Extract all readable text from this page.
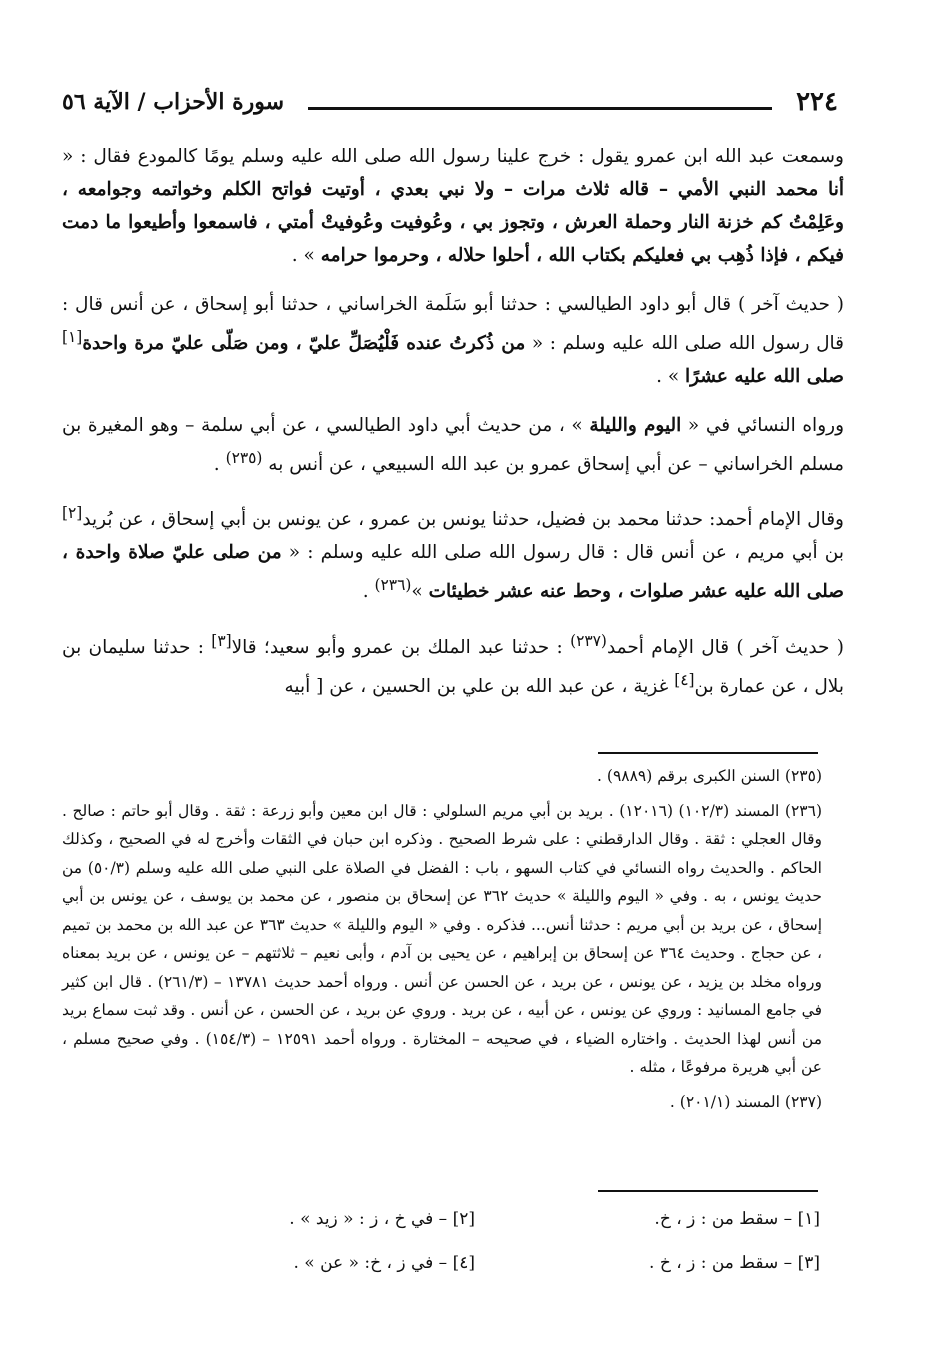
٢٢٤
سورة الأحزاب / الآية ٥٦

وسمعت عبد الله ابن عمرو يقول : خرج علينا رسول الله صلى الله عليه وسلم يومًا كالمودع فقال : « أنا محمد النبي الأمي – قاله ثلاث مرات – ولا نبي بعدي ، أوتيت فواتح الكلم وخواتمه وجوامعه ، وعَلِمْتُ كم خزنة النار وحملة العرش ، وتجوز بي ، وعُوفيت وعُوفيتْ أمتي ، فاسمعوا وأطيعوا ما دمت فيكم ، فإذا ذُهِب بي فعليكم بكتاب الله ، أحلوا حلاله ، وحرموا حرامه » .

( حديث آخر ) قال أبو داود الطيالسي : حدثنا أبو سَلَمة الخراساني ، حدثنا أبو إسحاق ، عن أنس قال : قال رسول الله صلى الله عليه وسلم : « من ذُكرتُ عنده فَلْيُصَلِّ عليّ ، ومن صَلّى عليّ مرة واحدة[١] صلى الله عليه عشرًا » .

ورواه النسائي في « اليوم والليلة » ، من حديث أبي داود الطيالسي ، عن أبي سلمة – وهو المغيرة بن مسلم الخراساني – عن أبي إسحاق عمرو بن عبد الله السبيعي ، عن أنس به $^{(٢٣٥)}$ .

وقال الإمام أحمد: حدثنا محمد بن فضيل، حدثنا يونس بن عمرو ، عن يونس بن أبي إسحاق ، عن بُريد[٢] بن أبي مريم ، عن أنس قال : قال رسول الله صلى الله عليه وسلم : « من صلى عليّ صلاة واحدة ، صلى الله عليه عشر صلوات ، وحط عنه عشر خطيئات »$^{(٢٣٦)}$ .

( حديث آخر ) قال الإمام أحمد$^{(٢٣٧)}$ : حدثنا عبد الملك بن عمرو وأبو سعيد؛ قالا[٣] : حدثنا سليمان بن بلال ، عن عمارة بن[٤] غزية ، عن عبد الله بن علي بن الحسين ، عن [ أبيه

(٢٣٥) السنن الكبرى برقم (٩٨٨٩) .

(٢٣٦) المسند (١٠٢/٣) (١٢٠١٦) . بريد بن أبي مريم السلولي : قال ابن معين وأبو زرعة : ثقة . وقال أبو حاتم : صالح . وقال العجلي : ثقة . وقال الدارقطني : على شرط الصحيح . وذكره ابن حبان في الثقات وأخرج له في الصحيح ، وكذلك الحاكم . والحديث رواه النسائي في كتاب السهو ، باب : الفضل في الصلاة على النبي صلى الله عليه وسلم (٥٠/٣) من حديث يونس ، به . وفي « اليوم والليلة » حديث ٣٦٢ عن إسحاق بن منصور ، عن محمد بن يوسف ، عن يونس بن أبي إسحاق ، عن بريد بن أبي مريم : حدثنا أنس... فذكره . وفي « اليوم والليلة » حديث ٣٦٣ عن عبد الله بن محمد بن تميم ، عن حجاج . وحديث ٣٦٤ عن إسحاق بن إبراهيم ، عن يحيى بن آدم ، وأبى نعيم – ثلاثتهم – عن يونس ، عن بريد بمعناه ورواه مخلد بن يزيد ، عن يونس ، عن بريد ، عن الحسن عن أنس . ورواه أحمد حديث ١٣٧٨١ – (٢٦١/٣) . قال ابن كثير في جامع المسانيد : وروي عن يونس ، عن أبيه ، عن بريد . وروي عن بريد ، عن الحسن ، عن أنس . وقد ثبت سماع بريد من أنس لهذا الحديث . واختاره الضياء ، في صحيحه – المختارة . ورواه أحمد ١٢٥٩١ – (١٥٤/٣) . وفي صحيح مسلم ، عن أبي هريرة مرفوعًا ، مثله .

(٢٣٧) المسند (٢٠١/١) .

[١] – سقط من : ز ، خ.
[٢] – في خ ، ز : « زيد » .
[٣] – سقط من : ز ، خ .
[٤] – في ز ، خ: « عن » .
